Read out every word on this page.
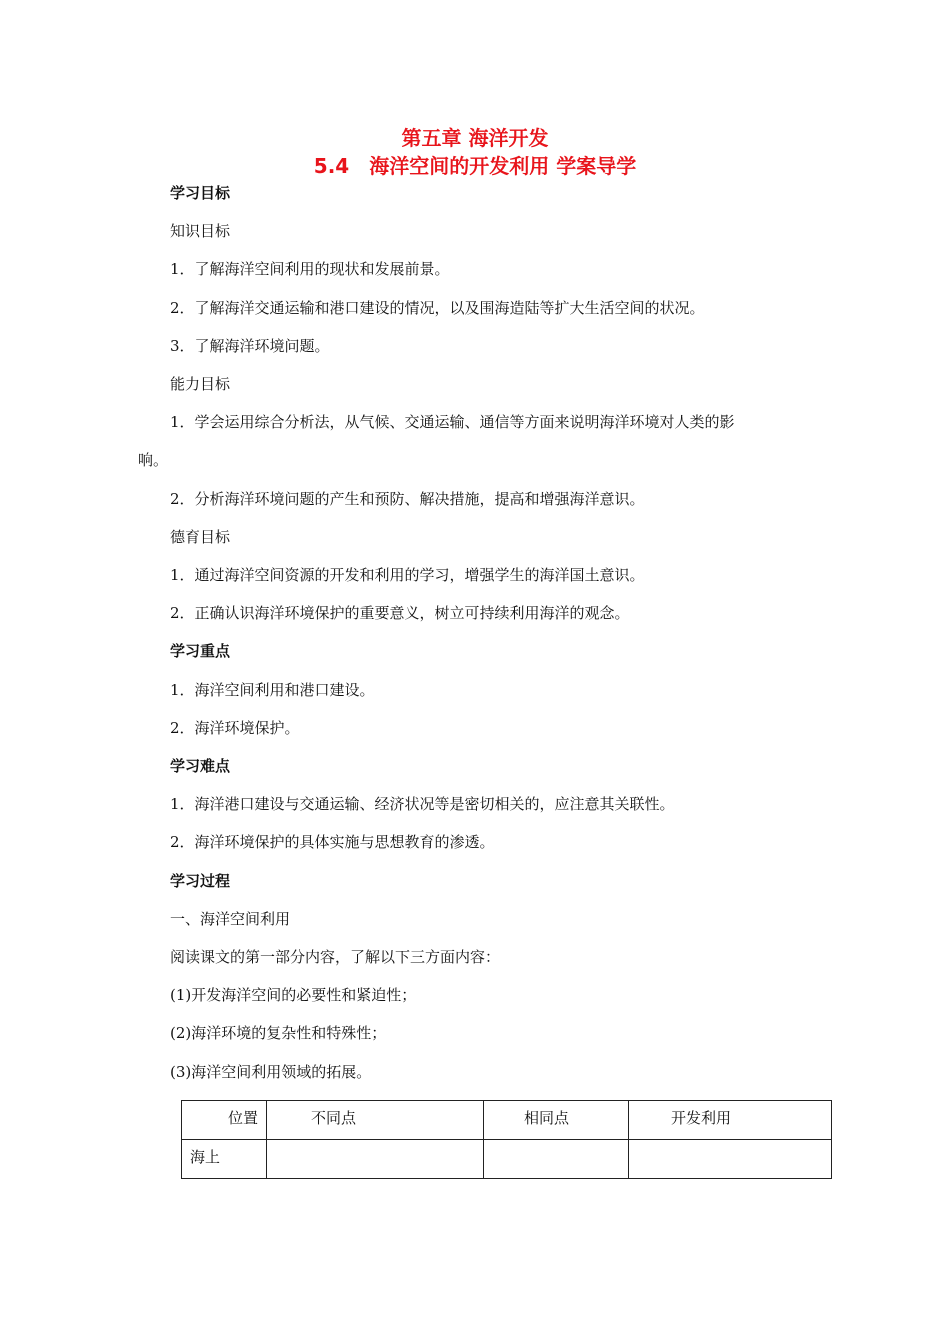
第五章 海洋开发
5.4　海洋空间的开发利用 学案导学
学习目标
知识目标
1．了解海洋空间利用的现状和发展前景。
2．了解海洋交通运输和港口建设的情况，以及围海造陆等扩大生活空间的状况。
3．了解海洋环境问题。
能力目标
1．学会运用综合分析法，从气候、交通运输、通信等方面来说明海洋环境对人类的影
响。
2．分析海洋环境问题的产生和预防、解决措施，提高和增强海洋意识。
德育目标
1．通过海洋空间资源的开发和利用的学习，增强学生的海洋国土意识。
2．正确认识海洋环境保护的重要意义，树立可持续利用海洋的观念。
学习重点
1．海洋空间利用和港口建设。
2．海洋环境保护。
学习难点
1．海洋港口建设与交通运输、经济状况等是密切相关的，应注意其关联性。
2．海洋环境保护的具体实施与思想教育的渗透。
学习过程
一、海洋空间利用
阅读课文的第一部分内容，了解以下三方面内容：
(1)开发海洋空间的必要性和紧迫性；
(2)海洋环境的复杂性和特殊性；
(3)海洋空间利用领域的拓展。
位置	不同点	相同点	开发利用
海上			
